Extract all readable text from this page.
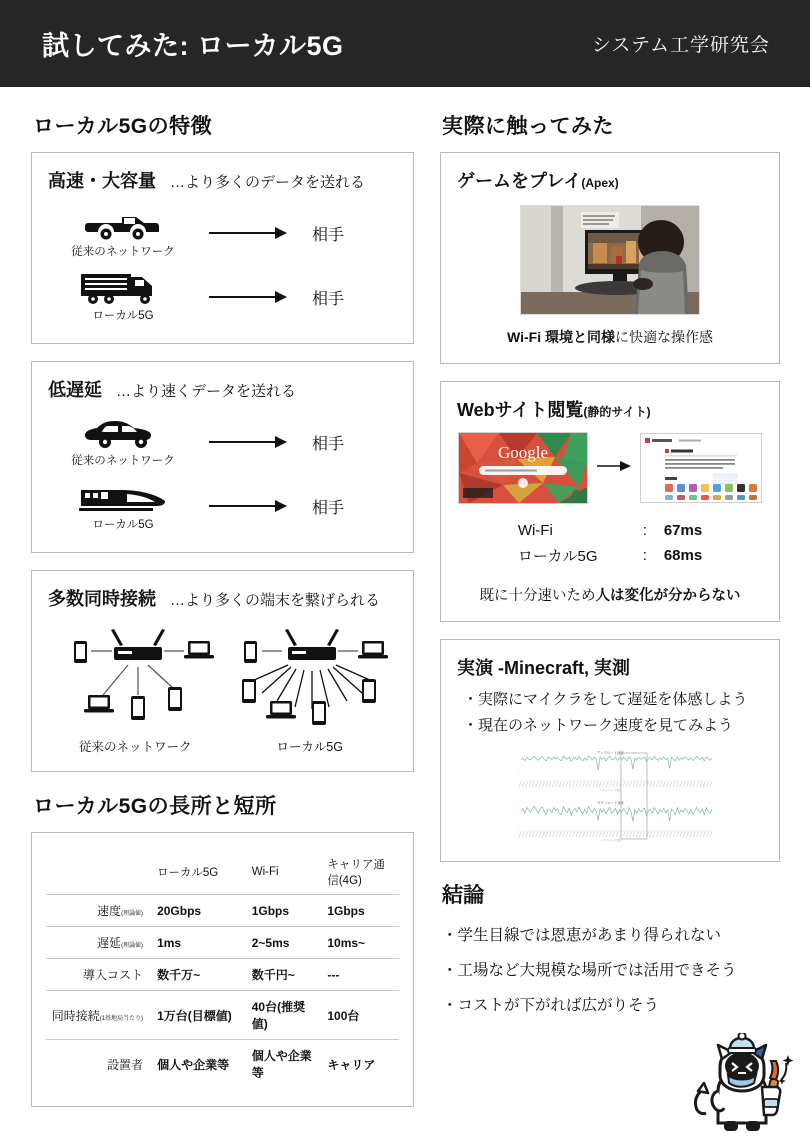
試してみた: ローカル5G	システム工学研究会
ローカル5Gの特徴
高速・大容量 …より多くのデータを送れる
従来のネットワーク
相手
ローカル5G
相手
低遅延 …より速くデータを送れる
従来のネットワーク
相手
ローカル5G
相手
多数同時接続 …より多くの端末を繋げられる
従来のネットワーク	ローカル5G
ローカル5Gの長所と短所
	ローカル5G	Wi-Fi	キャリア通信(4G)
速度(理論値)	20Gbps	1Gbps	1Gbps
遅延(理論値)	1ms	2~5ms	10ms~
導入コスト	数千万~	数千円~	---
同時接続(1基地局当たり)	1万台(目標値)	40台(推奨値)	100台
設置者	個人や企業等	個人や企業等	キャリア
実際に触ってみた
ゲームをプレイ (Apex)
Wi-Fi 環境と同様に快適な操作感
Webサイト閲覧 (静的サイト)
Google
Wi-Fi	:	67ms
ローカル5G	:	68ms
既に十分速いため人は変化が分からない
実演 -Minecraft, 実測
・実際にマイクラをして遅延を体感しよう
・現在のネットワーク速度を見てみよう
アップロード速度
—
—
—
—
—
— アップロード速度
ダウンロード速度
—
—
—
—
—
— ダウンロード速度
結論
・学生目線では恩恵があまり得られない
・工場など大規模な場所では活用できそう
・コストが下がれば広がりそう
